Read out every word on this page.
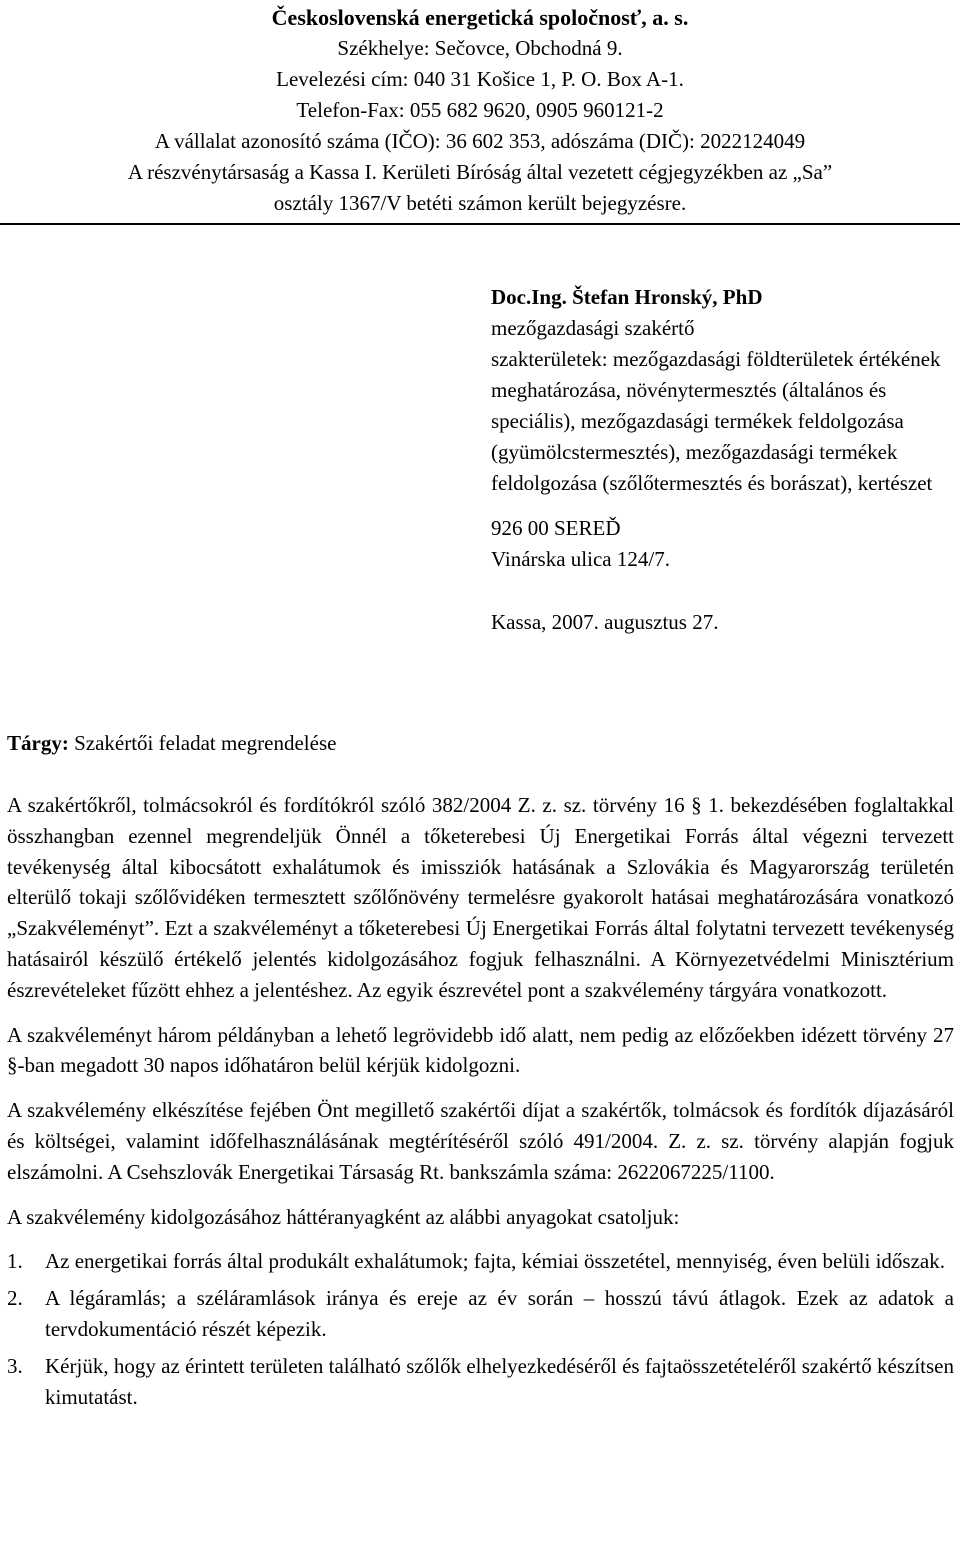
Československá energetická spoločnosť, a. s.
Székhelye: Sečovce, Obchodná 9.
Levelezési cím: 040 31 Košice 1, P. O. Box A-1.
Telefon-Fax: 055 682 9620, 0905 960121-2
A vállalat azonosító száma (IČO): 36 602 353, adószáma (DIČ): 2022124049
A részvénytársaság a Kassa I. Kerületi Bíróság által vezetett cégjegyzékben az „Sa”
osztály 1367/V betéti számon került bejegyzésre.
Doc.Ing. Štefan Hronský, PhD
mezőgazdasági szakértő
szakterületek: mezőgazdasági földterületek értékének meghatározása, növénytermesztés (általános és speciális), mezőgazdasági termékek feldolgozása (gyümölcstermesztés), mezőgazdasági termékek feldolgozása (szőlőtermesztés és borászat), kertészet
926 00 SEREĎ
Vinárska ulica 124/7.
Kassa, 2007. augusztus 27.
Tárgy: Szakértői feladat megrendelése

A szakértőkről, tolmácsokról és fordítókról szóló 382/2004 Z. z. sz. törvény 16 § 1. bekezdésében foglaltakkal összhangban ezennel megrendeljük Önnél a tőketerebesi Új Energetikai Forrás által végezni tervezett tevékenység által kibocsátott exhalátumok és imissziók hatásának a Szlovákia és Magyarország területén elterülő tokaji szőlővidéken termesztett szőlőnövény termelésre gyakorolt hatásai meghatározására vonatkozó „Szakvéleményt”. Ezt a szakvéleményt a tőketerebesi Új Energetikai Forrás által folytatni tervezett tevékenység hatásairól készülő értékelő jelentés kidolgozásához fogjuk felhasználni. A Környezetvédelmi Minisztérium észrevételeket fűzött ehhez a jelentéshez. Az egyik észrevétel pont a szakvélemény tárgyára vonatkozott.

A szakvéleményt három példányban a lehető legrövidebb idő alatt, nem pedig az előzőekben idézett törvény 27 §-ban megadott 30 napos időhatáron belül kérjük kidolgozni.

A szakvélemény elkészítése fejében Önt megillető szakértői díjat a szakértők, tolmácsok és fordítók díjazásáról és költségei, valamint időfelhasználásának megtérítéséről szóló 491/2004. Z. z. sz. törvény alapján fogjuk elszámolni. A Csehszlovák Energetikai Társaság Rt. bankszámla száma: 2622067225/1100.

A szakvélemény kidolgozásához háttéranyagként az alábbi anyagokat csatoljuk:

1.	Az energetikai forrás által produkált exhalátumok; fajta, kémiai összetétel, mennyiség, éven belüli időszak.
2.	A légáramlás; a széláramlások iránya és ereje az év során – hosszú távú átlagok. Ezek az adatok a tervdokumentáció részét képezik.
3.	Kérjük, hogy az érintett területen található szőlők elhelyezkedéséről és fajtaösszetételéről szakértő készítsen kimutatást.
